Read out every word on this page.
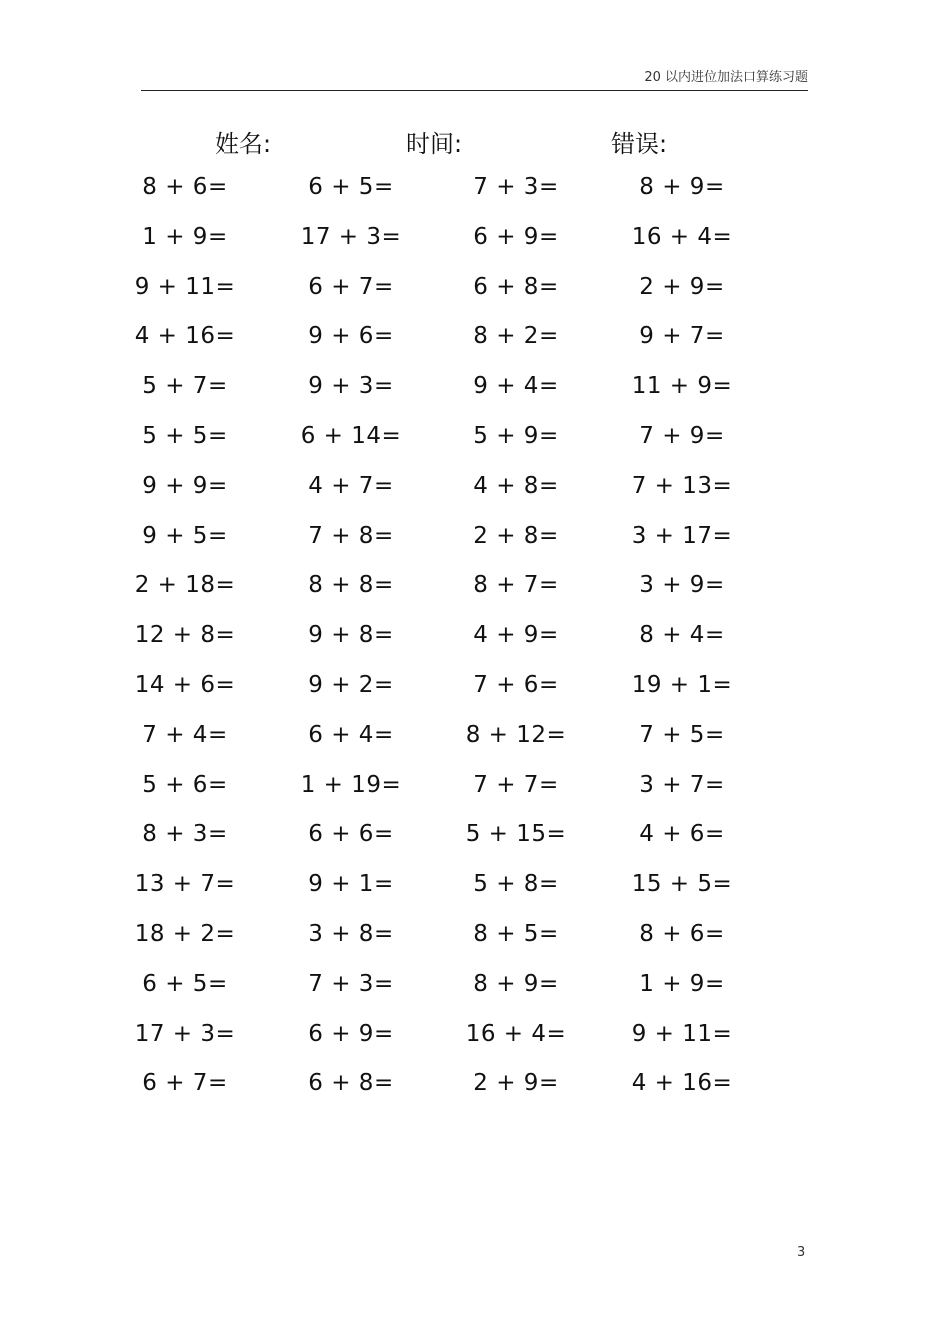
20 以内进位加法口算练习题
姓名:	时间:	错误:
8 + 6=	6 + 5=	7 + 3=	8 + 9=
1 + 9=	17 + 3=	6 + 9=	16 + 4=
9 + 11=	6 + 7=	6 + 8=	2 + 9=
4 + 16=	9 + 6=	8 + 2=	9 + 7=
5 + 7=	9 + 3=	9 + 4=	11 + 9=
5 + 5=	6 + 14=	5 + 9=	7 + 9=
9 + 9=	4 + 7=	4 + 8=	7 + 13=
9 + 5=	7 + 8=	2 + 8=	3 + 17=
2 + 18=	8 + 8=	8 + 7=	3 + 9=
12 + 8=	9 + 8=	4 + 9=	8 + 4=
14 + 6=	9 + 2=	7 + 6=	19 + 1=
7 + 4=	6 + 4=	8 + 12=	7 + 5=
5 + 6=	1 + 19=	7 + 7=	3 + 7=
8 + 3=	6 + 6=	5 + 15=	4 + 6=
13 + 7=	9 + 1=	5 + 8=	15 + 5=
18 + 2=	3 + 8=	8 + 5=	8 + 6=
6 + 5=	7 + 3=	8 + 9=	1 + 9=
17 + 3=	6 + 9=	16 + 4=	9 + 11=
6 + 7=	6 + 8=	2 + 9=	4 + 16=
3
